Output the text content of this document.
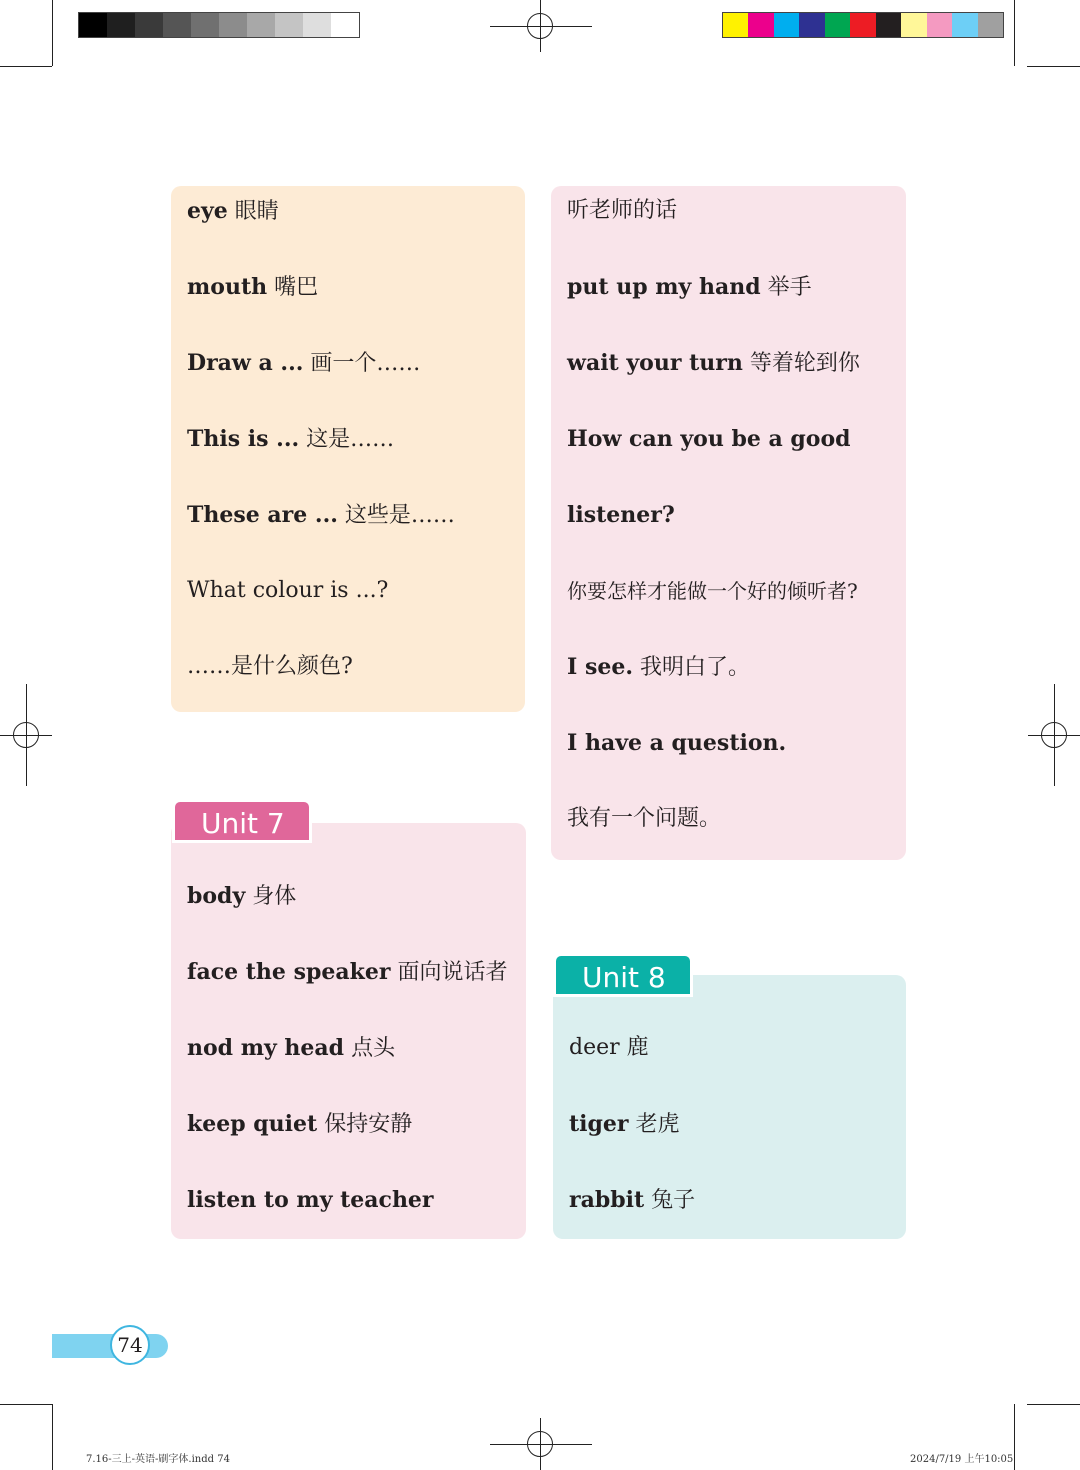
eye 眼睛
mouth 嘴巴
Draw a ... 画一个……
This is ... 这是……
These are ... 这些是……
What colour is ...?
……是什么颜色?
听老师的话
put up my hand 举手
wait your turn 等着轮到你
How can you be a good
listener?
你要怎样才能做一个好的倾听者?
I see. 我明白了。
I have a question.
我有一个问题。
body 身体
face the speaker 面向说话者
nod my head 点头
keep quiet 保持安静
listen to my teacher
Unit 7
deer 鹿
tiger 老虎
rabbit 兔子
Unit 8
74
7.16-三上-英语-刷字体.indd 74	2024/7/19 上午10:05
